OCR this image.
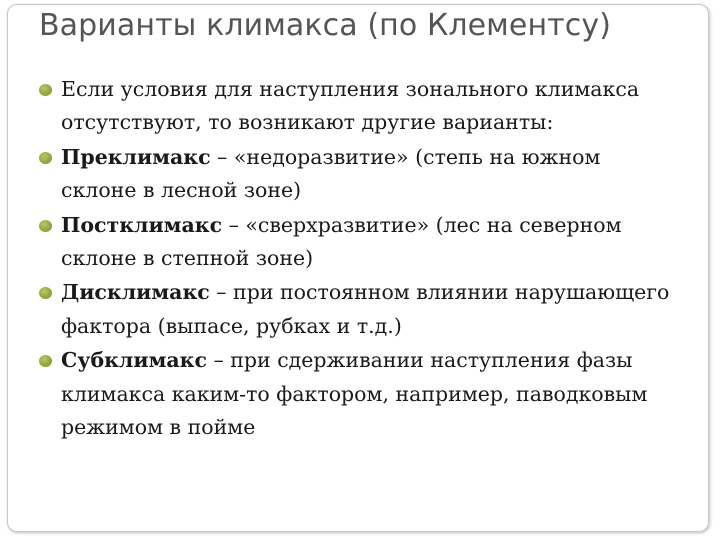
Варианты климакса (по Клементсу)
Если условия для наступления зонального климакса отсутствуют, то возникают другие варианты:
Преклимакс – «недоразвитие» (степь на южном склоне в лесной зоне)
Постклимакс – «сверхразвитие» (лес на северном склоне в степной зоне)
Дисклимакс – при постоянном влиянии нарушающего фактора (выпасе, рубках и т.д.)
Субклимакс – при сдерживании наступления фазы климакса каким-то фактором, например, паводковым режимом в пойме
